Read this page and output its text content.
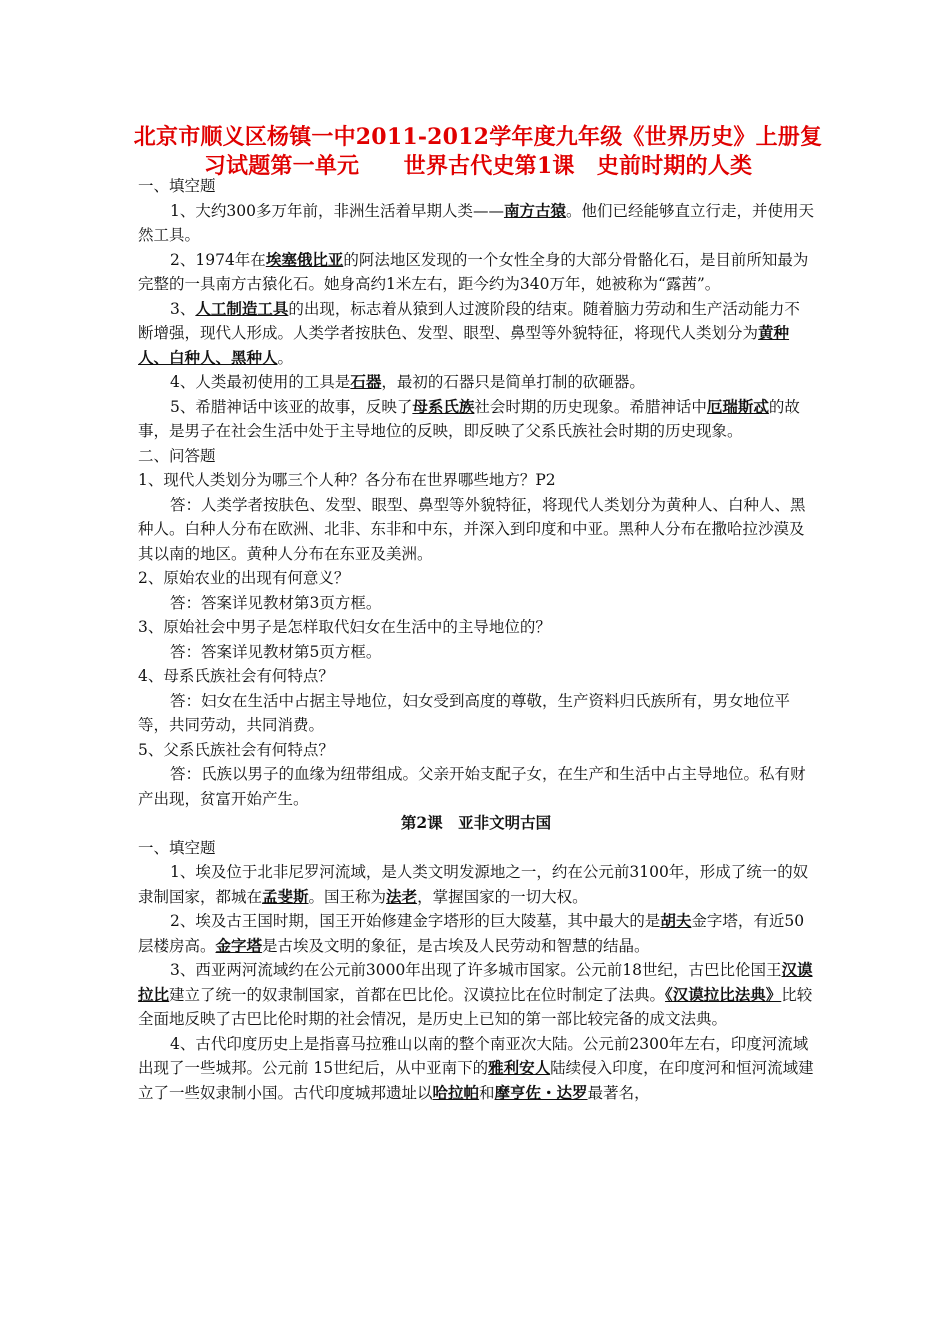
北京市顺义区杨镇一中2011-2012学年度九年级《世界历史》上册复习试题第一单元　　世界古代史第1课　史前时期的人类

一、填空题

1、大约300多万年前，非洲生活着早期人类——南方古猿。他们已经能够直立行走，并使用天然工具。

2、1974年在埃塞俄比亚的阿法地区发现的一个女性全身的大部分骨骼化石，是目前所知最为完整的一具南方古猿化石。她身高约1米左右，距今约为340万年，她被称为“露茜”。

3、人工制造工具的出现，标志着从猿到人过渡阶段的结束。随着脑力劳动和生产活动能力不断增强，现代人形成。人类学者按肤色、发型、眼型、鼻型等外貌特征，将现代人类划分为黄种人、白种人、黑种人。

4、人类最初使用的工具是石器，最初的石器只是简单打制的砍砸器。

5、希腊神话中该亚的故事，反映了母系氏族社会时期的历史现象。希腊神话中厄瑞斯忒的故事，是男子在社会生活中处于主导地位的反映，即反映了父系氏族社会时期的历史现象。

二、问答题

1、现代人类划分为哪三个人种？各分布在世界哪些地方？P2

答：人类学者按肤色、发型、眼型、鼻型等外貌特征，将现代人类划分为黄种人、白种人、黑种人。白种人分布在欧洲、北非、东非和中东，并深入到印度和中亚。黑种人分布在撒哈拉沙漠及其以南的地区。黄种人分布在东亚及美洲。

2、原始农业的出现有何意义？

答：答案详见教材第3页方框。

3、原始社会中男子是怎样取代妇女在生活中的主导地位的？

答：答案详见教材第5页方框。

4、母系氏族社会有何特点？

答：妇女在生活中占据主导地位，妇女受到高度的尊敬，生产资料归氏族所有，男女地位平等，共同劳动，共同消费。

5、父系氏族社会有何特点？

答：氏族以男子的血缘为纽带组成。父亲开始支配子女，在生产和生活中占主导地位。私有财产出现，贫富开始产生。

第2课　亚非文明古国

一、填空题

1、埃及位于北非尼罗河流域，是人类文明发源地之一，约在公元前3100年，形成了统一的奴隶制国家，都城在孟斐斯。国王称为法老，掌握国家的一切大权。

2、埃及古王国时期，国王开始修建金字塔形的巨大陵墓，其中最大的是胡夫金字塔，有近50层楼房高。金字塔是古埃及文明的象征，是古埃及人民劳动和智慧的结晶。

3、西亚两河流域约在公元前3000年出现了许多城市国家。公元前18世纪，古巴比伦国王汉谟拉比建立了统一的奴隶制国家，首都在巴比伦。汉谟拉比在位时制定了法典。《汉谟拉比法典》比较全面地反映了古巴比伦时期的社会情况，是历史上已知的第一部比较完备的成文法典。

4、古代印度历史上是指喜马拉雅山以南的整个南亚次大陆。公元前2300年左右，印度河流域出现了一些城邦。公元前 15世纪后，从中亚南下的雅利安人陆续侵入印度，在印度河和恒河流域建立了一些奴隶制小国。古代印度城邦遗址以哈拉帕和摩亨佐・达罗最著名，
